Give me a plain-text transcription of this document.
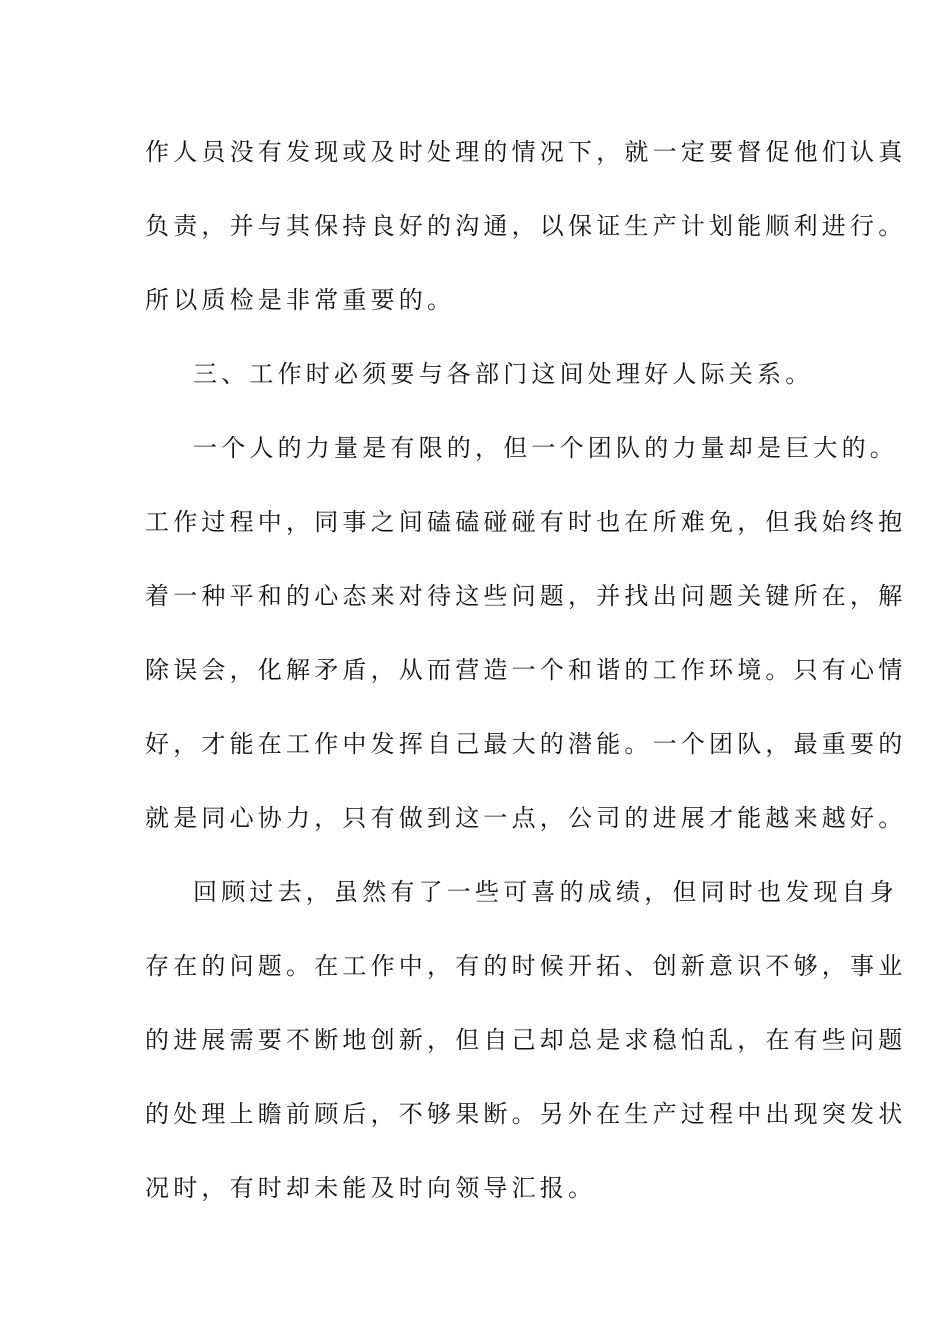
作人员没有发现或及时处理的情况下，就一定要督促他们认真
负责，并与其保持良好的沟通，以保证生产计划能顺利进行。
所以质检是非常重要的。
三、工作时必须要与各部门这间处理好人际关系。
一个人的力量是有限的，但一个团队的力量却是巨大的。
工作过程中，同事之间磕磕碰碰有时也在所难免，但我始终抱
着一种平和的心态来对待这些问题，并找出问题关键所在，解
除误会，化解矛盾，从而营造一个和谐的工作环境。只有心情
好，才能在工作中发挥自己最大的潜能。一个团队，最重要的
就是同心协力，只有做到这一点，公司的进展才能越来越好。
回顾过去，虽然有了一些可喜的成绩，但同时也发现自身
存在的问题。在工作中，有的时候开拓、创新意识不够，事业
的进展需要不断地创新，但自己却总是求稳怕乱，在有些问题
的处理上瞻前顾后，不够果断。另外在生产过程中出现突发状
况时，有时却未能及时向领导汇报。
